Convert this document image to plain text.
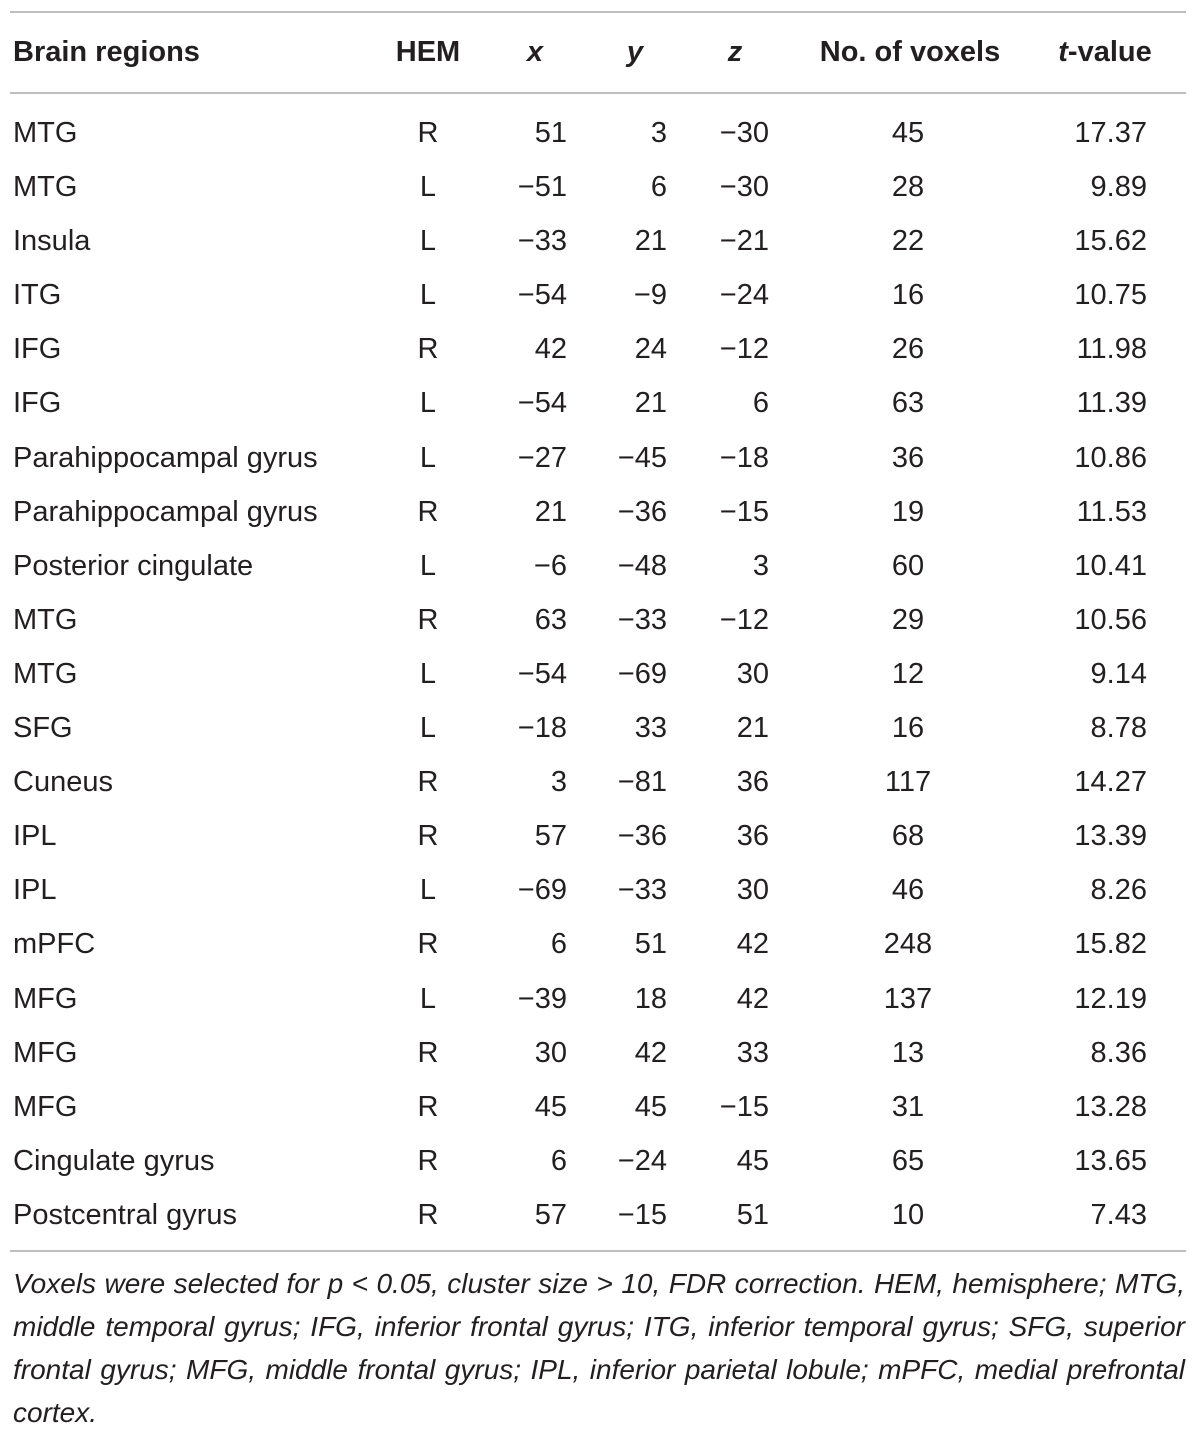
Brain regions	HEM	x	y	z	No. of voxels	t-value
MTG	R	51	3	−30	45	17.37
MTG	L	−51	6	−30	28	9.89
Insula	L	−33	21	−21	22	15.62
ITG	L	−54	−9	−24	16	10.75
IFG	R	42	24	−12	26	11.98
IFG	L	−54	21	6	63	11.39
Parahippocampal gyrus	L	−27	−45	−18	36	10.86
Parahippocampal gyrus	R	21	−36	−15	19	11.53
Posterior cingulate	L	−6	−48	3	60	10.41
MTG	R	63	−33	−12	29	10.56
MTG	L	−54	−69	30	12	9.14
SFG	L	−18	33	21	16	8.78
Cuneus	R	3	−81	36	117	14.27
IPL	R	57	−36	36	68	13.39
IPL	L	−69	−33	30	46	8.26
mPFC	R	6	51	42	248	15.82
MFG	L	−39	18	42	137	12.19
MFG	R	30	42	33	13	8.36
MFG	R	45	45	−15	31	13.28
Cingulate gyrus	R	6	−24	45	65	13.65
Postcentral gyrus	R	57	−15	51	10	7.43
Voxels were selected for p < 0.05, cluster size > 10, FDR correction. HEM, hemisphere; MTG, middle temporal gyrus; IFG, inferior frontal gyrus; ITG, inferior temporal gyrus; SFG, superior frontal gyrus; MFG, middle frontal gyrus; IPL, inferior parietal lobule; mPFC, medial prefrontal cortex.
